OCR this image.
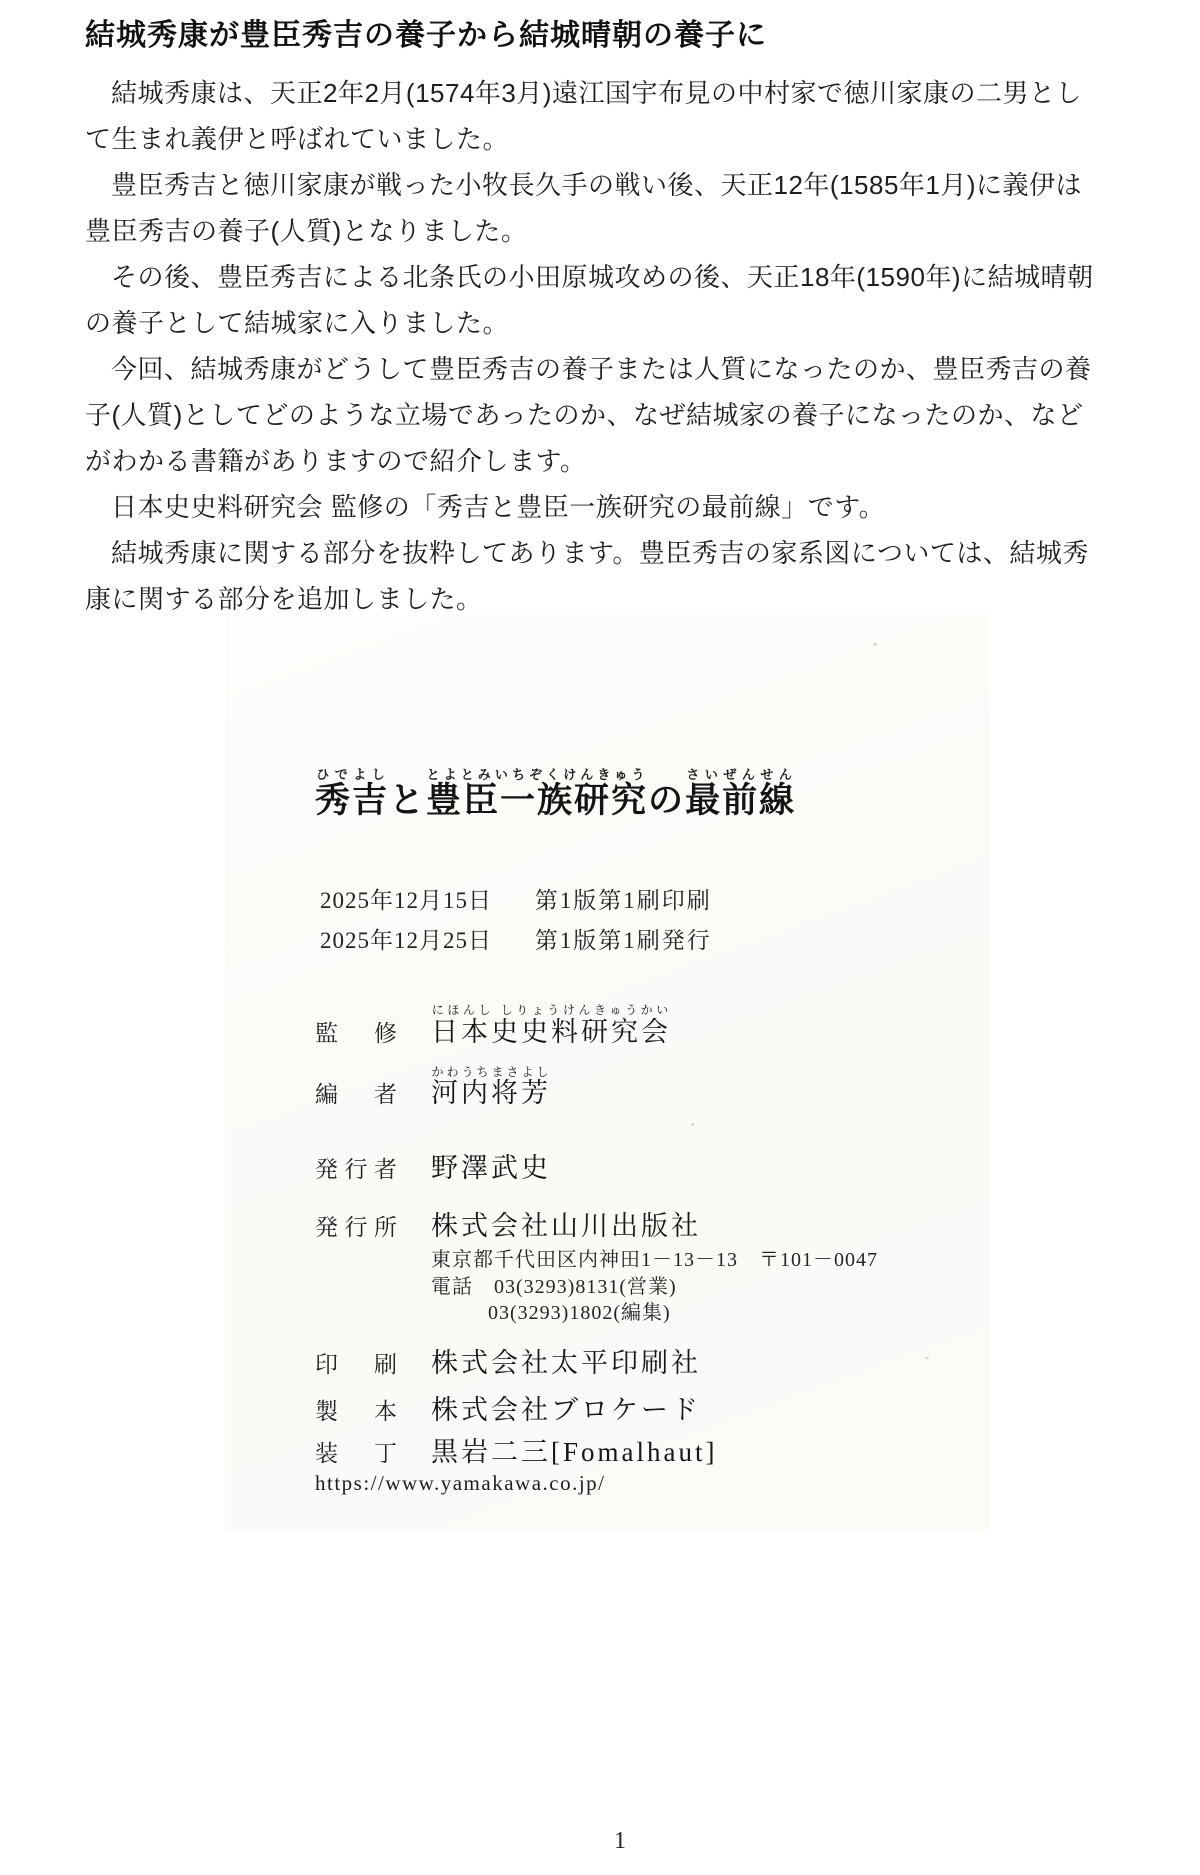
結城秀康が豊臣秀吉の養子から結城晴朝の養子に

結城秀康は、天正2年2月(1574年3月)遠江国宇布見の中村家で徳川家康の二男として生まれ義伊と呼ばれていました。

豊臣秀吉と徳川家康が戦った小牧長久手の戦い後、天正12年(1585年1月)に義伊は豊臣秀吉の養子(人質)となりました。

その後、豊臣秀吉による北条氏の小田原城攻めの後、天正18年(1590年)に結城晴朝の養子として結城家に入りました。

今回、結城秀康がどうして豊臣秀吉の養子または人質になったのか、豊臣秀吉の養子(人質)としてどのような立場であったのか、なぜ結城家の養子になったのか、などがわかる書籍がありますので紹介します。

日本史史料研究会 監修の「秀吉と豊臣一族研究の最前線」です。

結城秀康に関する部分を抜粋してあります。豊臣秀吉の家系図については、結城秀康に関する部分を追加しました。

秀吉ひでよしと豊臣一族研究とよとみいちぞくけんきゅうの最前線さいぜんせん
2025年12月15日 第1版第1刷印刷
2025年12月25日 第1版第1刷発行
監修 日本史史料研究会にほんし しりょうけんきゅうかい
編者 河内将芳かわうちまさよし
発行者 野澤武史
発行所 株式会社山川出版社
東京都千代田区内神田1－13－13　〒101－0047
電話　03(3293)8131(営業)
03(3293)1802(編集)
印刷 株式会社太平印刷社
製本 株式会社ブロケード
装丁 黒岩二三[Fomalhaut]
https://www.yamakawa.co.jp/
1
